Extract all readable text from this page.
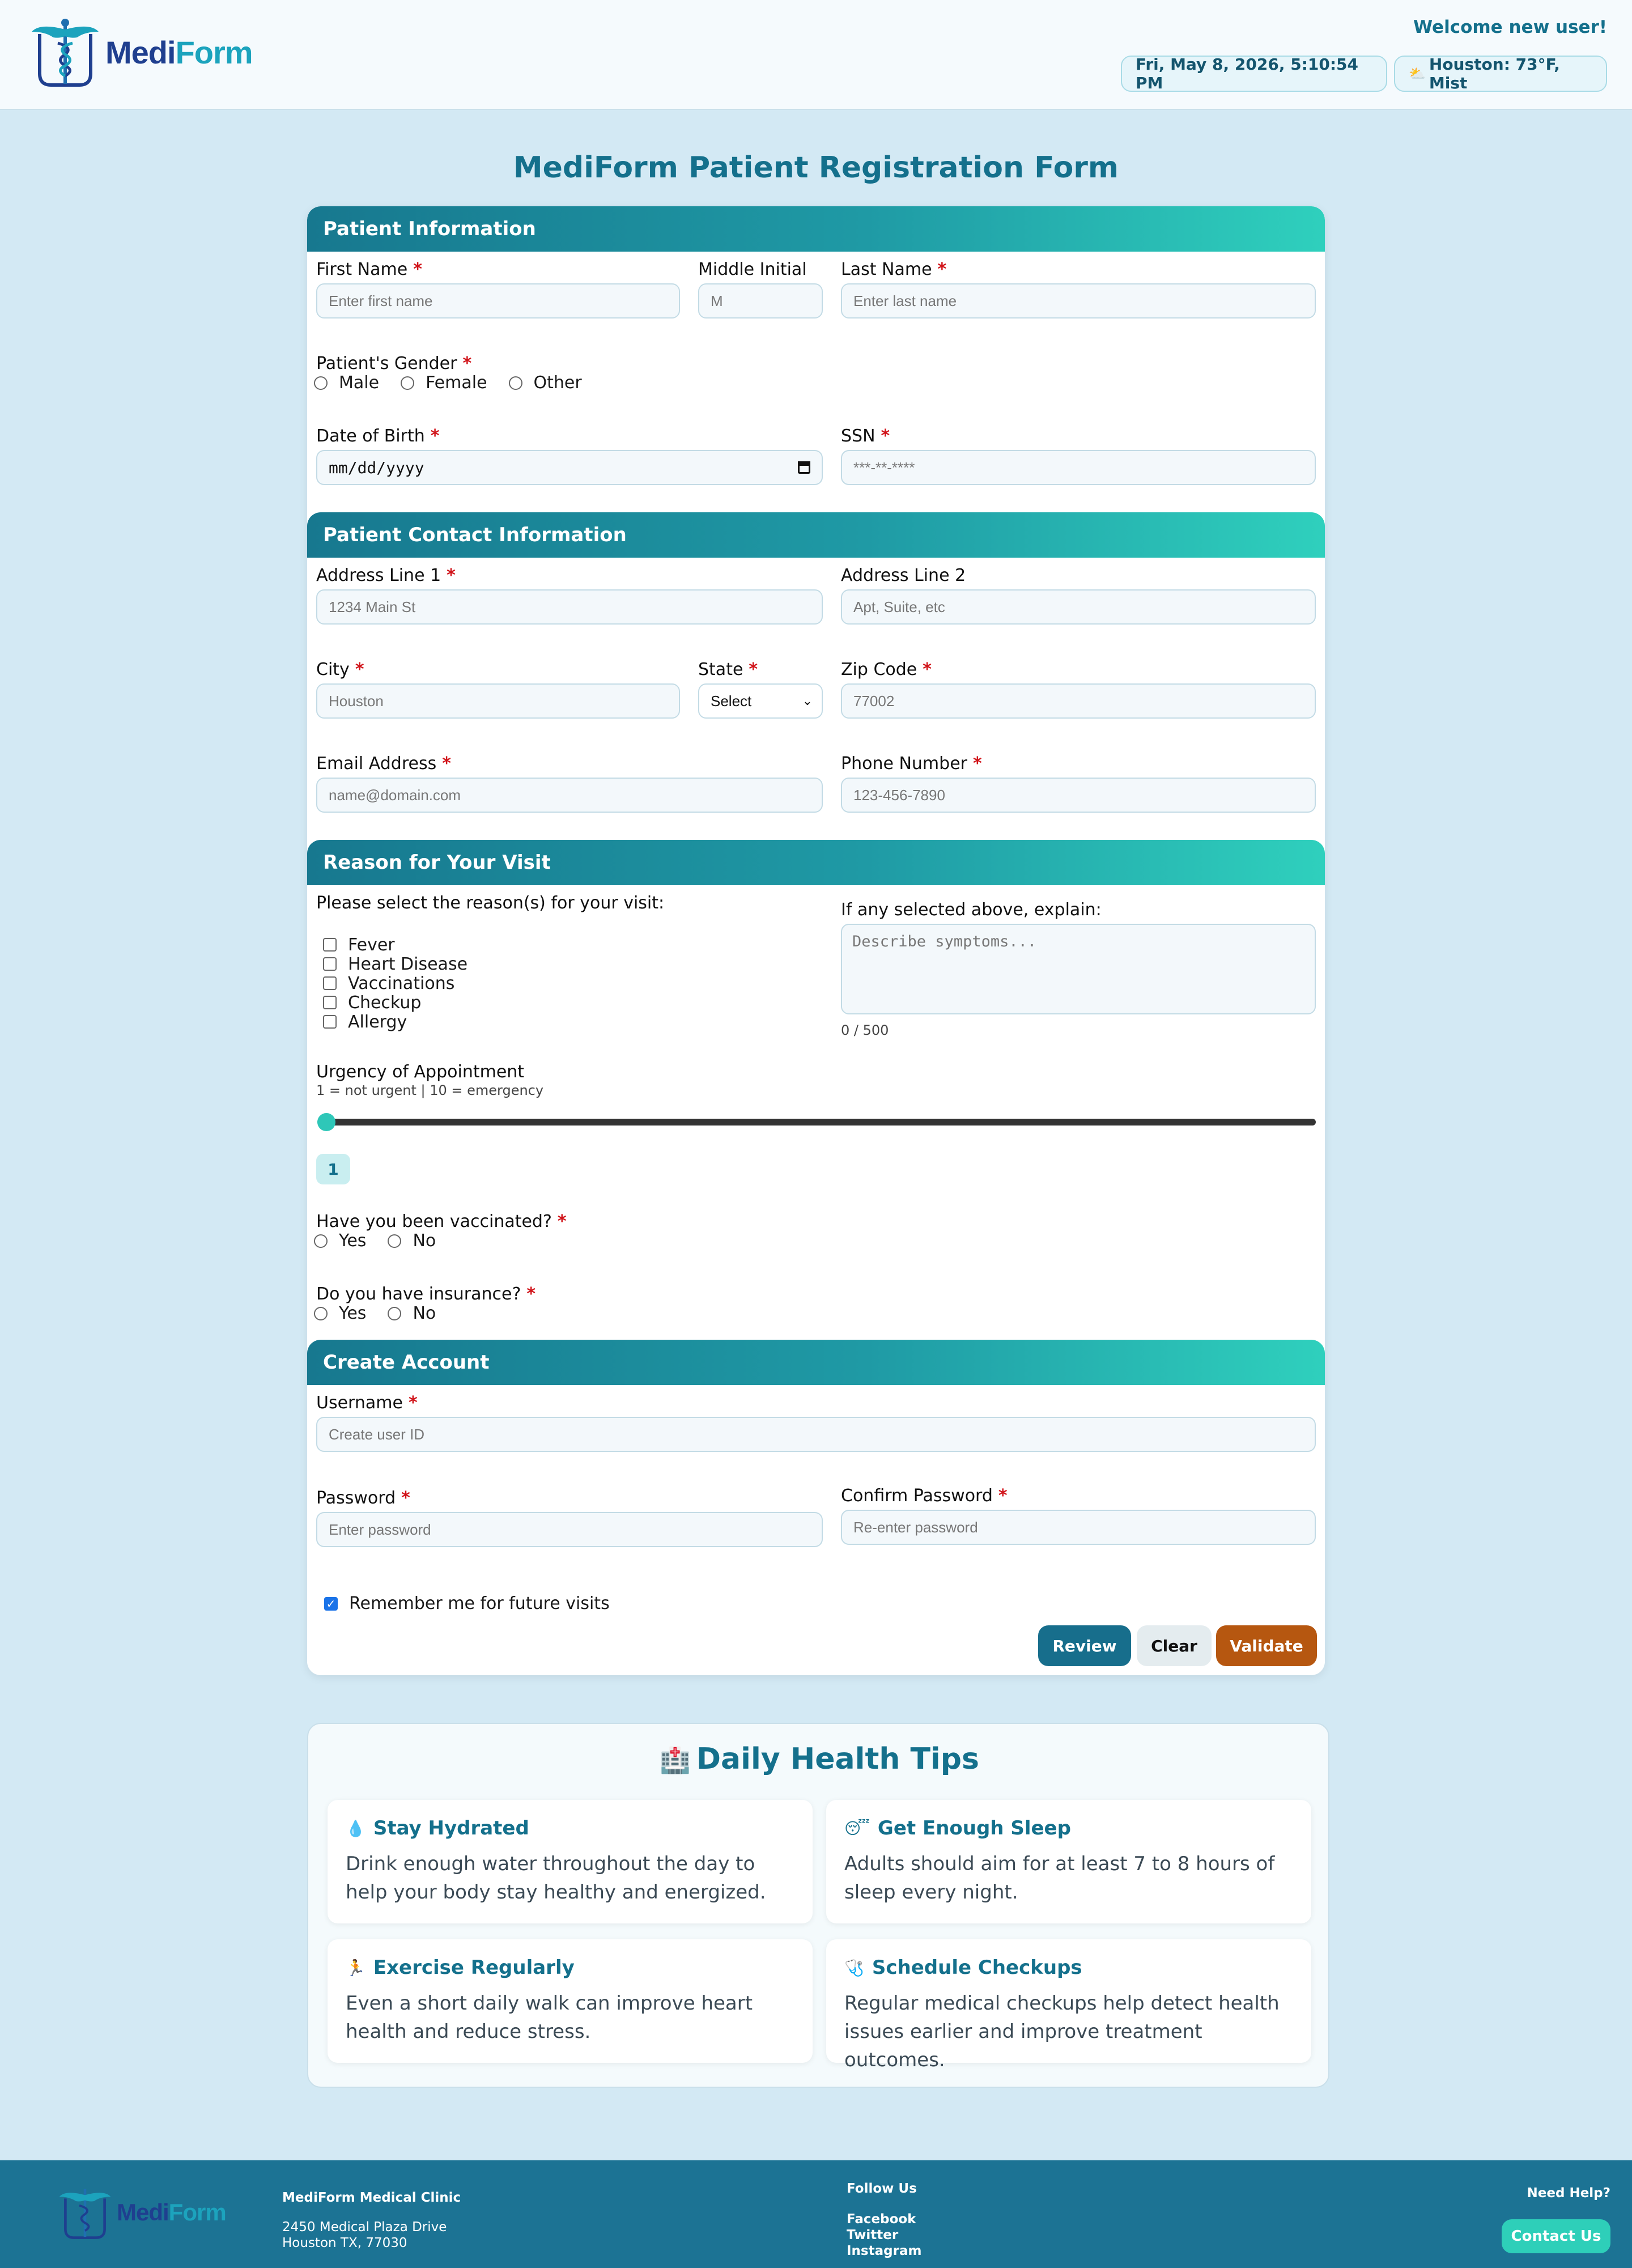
MediForm
Welcome new user!
Fri, May 8, 2026, 5:10:54 PM	⛅ Houston: 73°F, Mist
MediForm Patient Registration Form
Patient Information
First Name *
Enter first name
Middle Initial
M
Last Name *
Enter last name
Patient's Gender *
Male	Female	Other
Date of Birth *
mm/dd/yyyy
SSN *
***-**-****
Patient Contact Information
Address Line 1 *
1234 Main St
Address Line 2
Apt, Suite, etc
City *
Houston
State *
Select	⌄
Zip Code *
77002
Email Address *
name@domain.com
Phone Number *
123-456-7890
Reason for Your Visit
Please select the reason(s) for your visit:
Fever
Heart Disease
Vaccinations
Checkup
Allergy
If any selected above, explain:
Describe symptoms...
0 / 500
Urgency of Appointment
1 = not urgent | 10 = emergency
1
Have you been vaccinated? *
Yes	No
Do you have insurance? *
Yes	No
Create Account
Username *
Create user ID
Password *
Enter password
Confirm Password *
Re-enter password
✓ Remember me for future visits
Review	Clear	Validate
🏥 Daily Health Tips
💧 Stay Hydrated
Drink enough water throughout the day to help your body stay healthy and energized.
😴 Get Enough Sleep
Adults should aim for at least 7 to 8 hours of sleep every night.
🏃 Exercise Regularly
Even a short daily walk can improve heart health and reduce stress.
🩺 Schedule Checkups
Regular medical checkups help detect health issues earlier and improve treatment outcomes.
MediForm
MediForm Medical Clinic
2450 Medical Plaza Drive
Houston TX, 77030
Follow Us
Facebook
Twitter
Instagram
Need Help?
Contact Us
